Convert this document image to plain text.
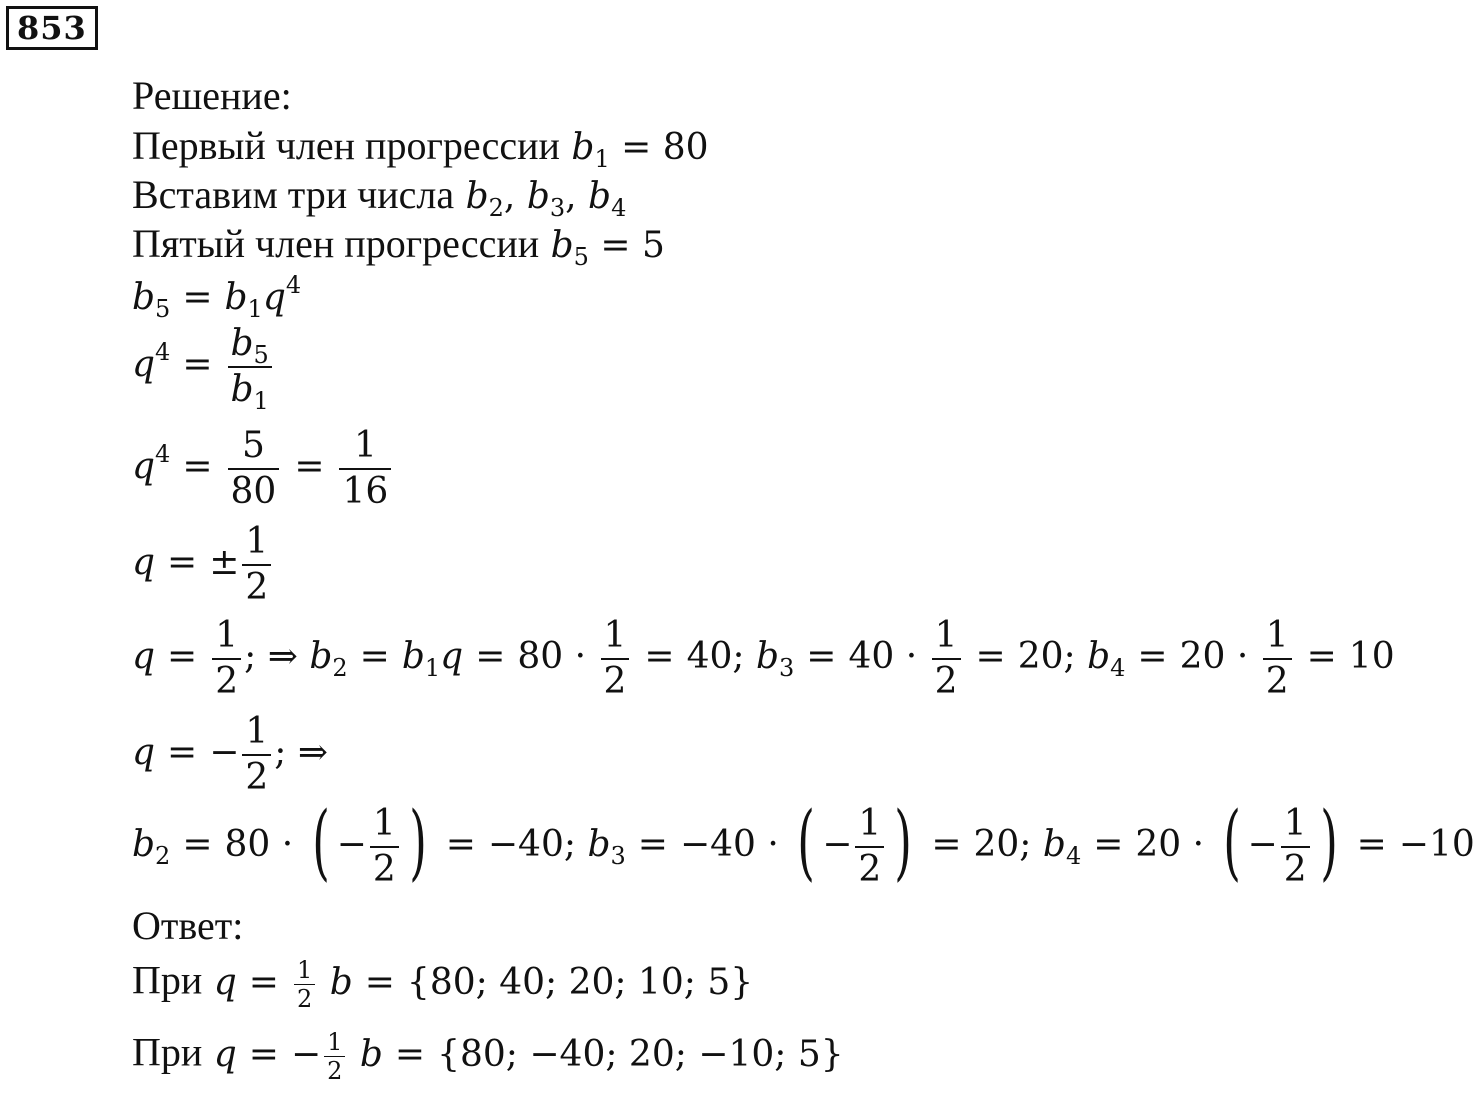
853
Решение:
Первый член прогрессии $b_1 = 80$
Вставим три числа $b_2$, $b_3$, $b_4$
Пятый член прогрессии $b_5 = 5$
$b_5 = b_1q^4$
$q^4 = \frac{b_5}{b_1}$
$q^4 = \frac{5}{80} = \frac{1}{16}$
q = ± $\frac{1}{2}$
$q = \frac{1}{2}$ ; ⇒ $b_2 = b_1q = 80 \cdot \frac{1}{2} = 40$; $b_3 = 40 \cdot \frac{1}{2} = 20$; $b_4 = 20 \cdot \frac{1}{2} = 10$
q = − $\frac{1}{2}$ ; ⇒
$b_2 = 80$ · ( − $\frac{1}{2}$ ) = −40; $b_3 = -40$ · ( − $\frac{1}{2}$ ) = 20; $b_4 = 20$ · ( − $\frac{1}{2}$ ) = −10
Ответ:
При $q = \frac{1}{2}$ b = {80; 40; 20; 10; 5}
При q = − $\frac{1}{2}$ b = {80; −40; 20; −10; 5}
